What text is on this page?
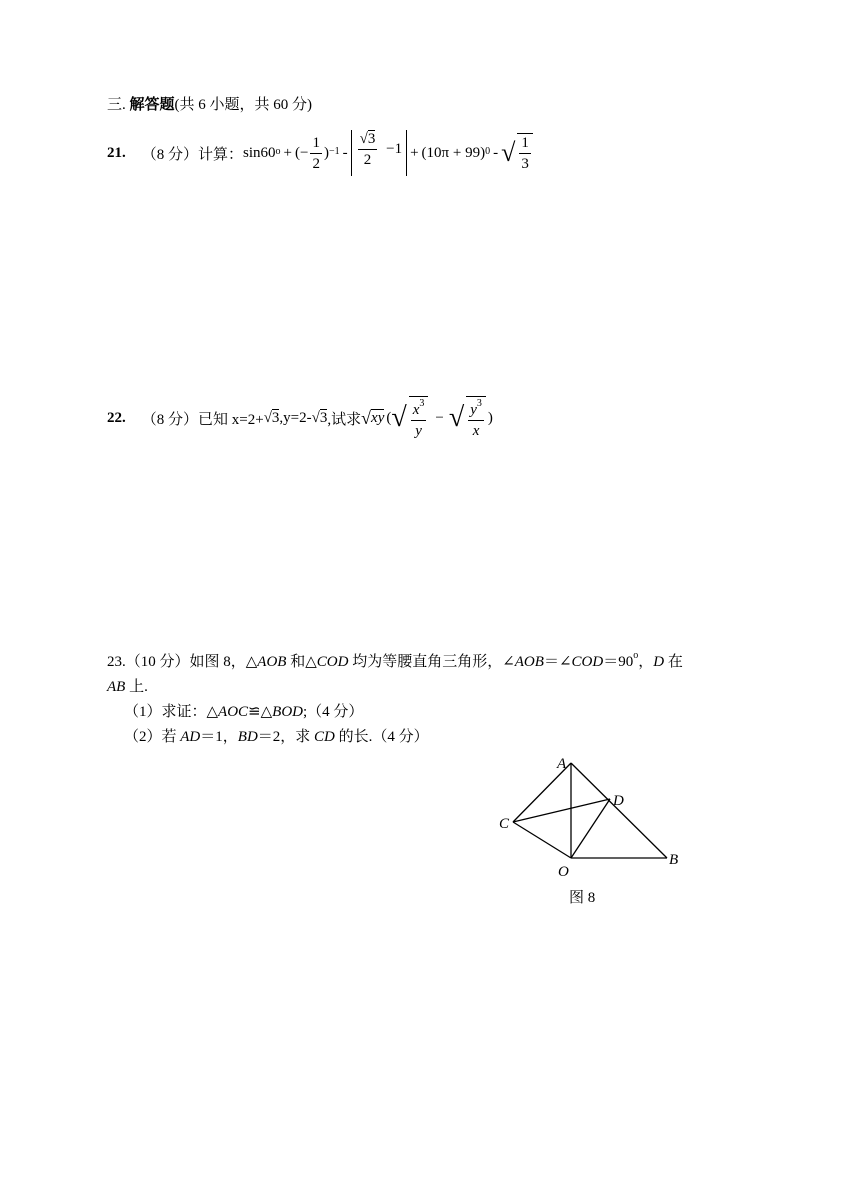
三. 解答题(共 6 小题，共 60 分)
21. （8 分） 计算： sin60 o + (− $\frac{1}{2}$ ) $-1 - \frac{√3}{2} -1 + (10\pi + 99)$ 0 - √ $\frac{1}{3}$
22. （8 分） 已知 x=2+ √ 3 ,y=2- √ 3 ,试求 √ xy ( √ $\frac{x^3}{y}$ − √ $\frac{y^3}{x}$ )
23.（10 分）如图 8，△AOB 和△COD 均为等腰直角三角形，$\angle AOB=\angle COD=90^o$，D 在
AB 上.
（1）求证：△AOC≌△BOD;（4 分）
（2）若 AD＝1，BD＝2，求 CD 的长.（4 分）
A
D
C
O
B
图 8
